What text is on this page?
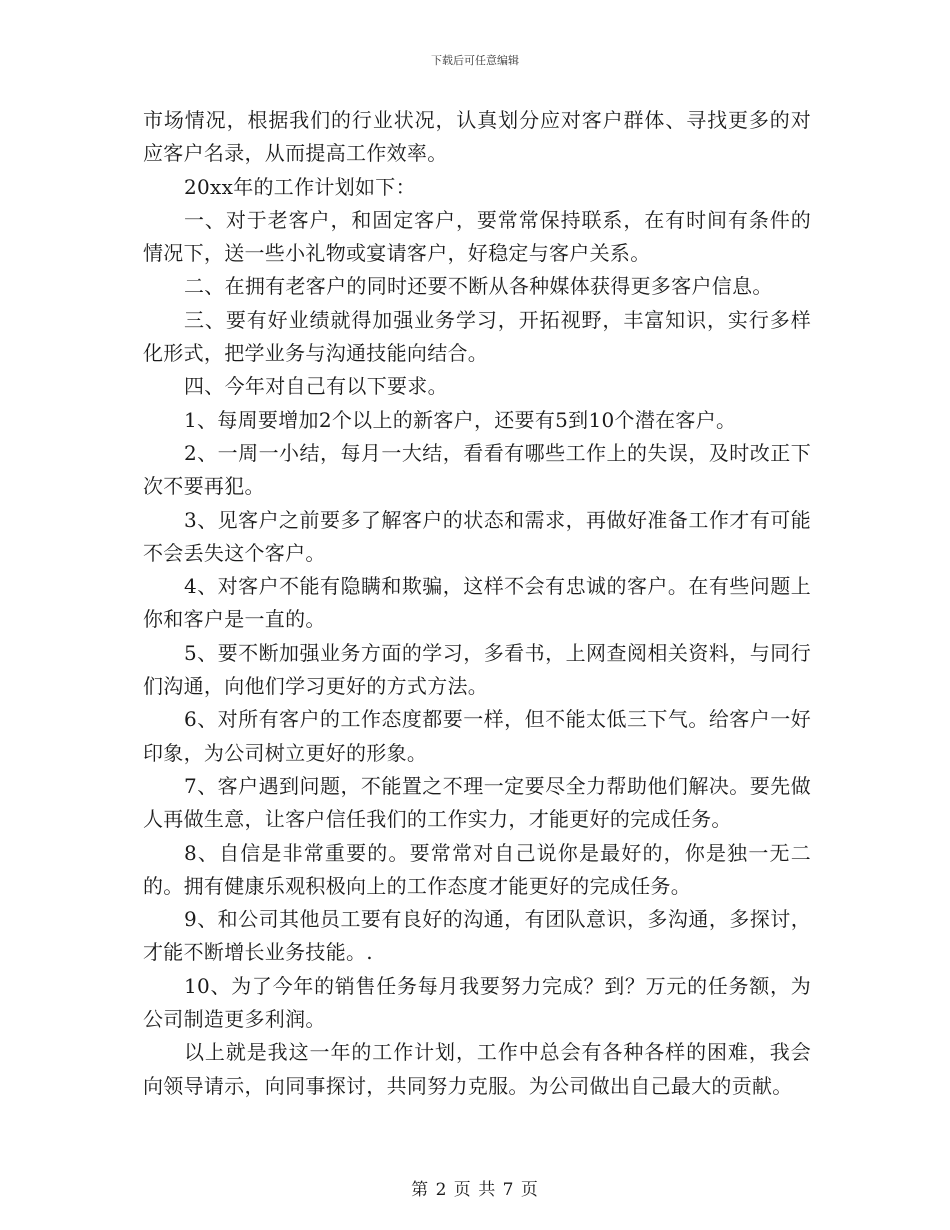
下载后可任意编辑

市场情况，根据我们的行业状况，认真划分应对客户群体、寻找更多的对应客户名录，从而提高工作效率。

20xx年的工作计划如下：

一、对于老客户，和固定客户，要常常保持联系，在有时间有条件的情况下，送一些小礼物或宴请客户，好稳定与客户关系。

二、在拥有老客户的同时还要不断从各种媒体获得更多客户信息。

三、要有好业绩就得加强业务学习，开拓视野，丰富知识，实行多样化形式，把学业务与沟通技能向结合。

四、今年对自己有以下要求。

1、每周要增加2个以上的新客户，还要有5到10个潜在客户。

2、一周一小结，每月一大结，看看有哪些工作上的失误，及时改正下次不要再犯。

3、见客户之前要多了解客户的状态和需求，再做好准备工作才有可能不会丢失这个客户。

4、对客户不能有隐瞒和欺骗，这样不会有忠诚的客户。在有些问题上你和客户是一直的。

5、要不断加强业务方面的学习，多看书，上网查阅相关资料，与同行们沟通，向他们学习更好的方式方法。

6、对所有客户的工作态度都要一样，但不能太低三下气。给客户一好印象，为公司树立更好的形象。

7、客户遇到问题，不能置之不理一定要尽全力帮助他们解决。要先做人再做生意，让客户信任我们的工作实力，才能更好的完成任务。

8、自信是非常重要的。要常常对自己说你是最好的，你是独一无二的。拥有健康乐观积极向上的工作态度才能更好的完成任务。

9、和公司其他员工要有良好的沟通，有团队意识，多沟通，多探讨，才能不断增长业务技能。.

10、为了今年的销售任务每月我要努力完成？到？万元的任务额，为公司制造更多利润。

以上就是我这一年的工作计划，工作中总会有各种各样的困难，我会向领导请示，向同事探讨，共同努力克服。为公司做出自己最大的贡献。

第 2 页 共 7 页
